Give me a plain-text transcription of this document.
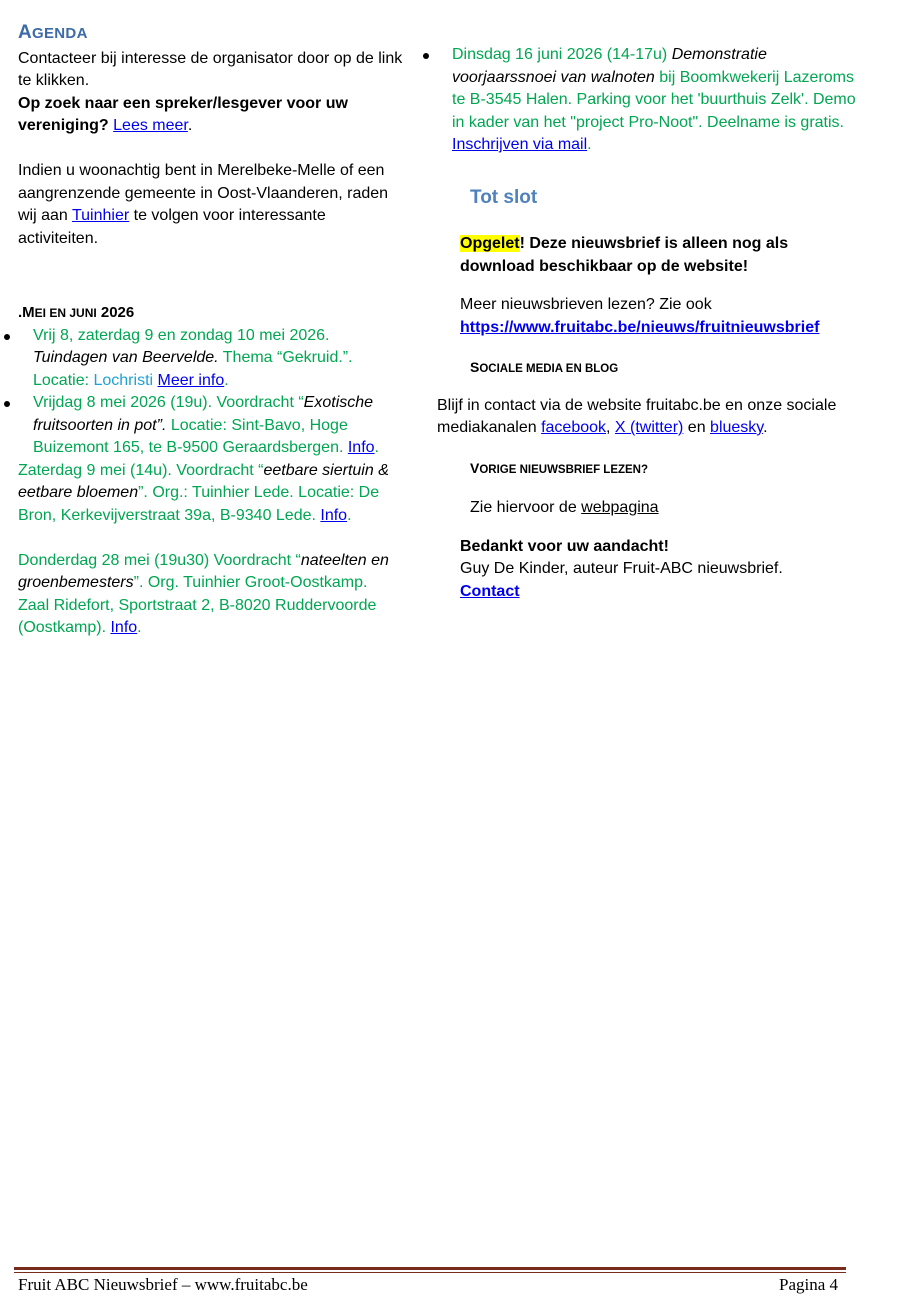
AGENDA

Contacteer bij interesse de organisator door op de link te klikken.

Op zoek naar een spreker/lesgever voor uw vereniging? Lees meer.

Indien u woonachtig bent in Merelbeke-Melle of een aangrenzende gemeente in Oost-Vlaanderen, raden wij aan Tuinhier te volgen voor interessante activiteiten.

.MEI EN JUNI 2026
Vrij 8, zaterdag 9 en zondag 10 mei 2026. Tuindagen van Beervelde. Thema “Gekruid.”. Locatie: Lochristi Meer info.
Vrijdag 8 mei 2026 (19u). Voordracht “Exotische fruitsoorten in pot”. Locatie: Sint-Bavo, Hoge Buizemont 165, te B-9500 Geraardsbergen. Info.

Zaterdag 9 mei (14u). Voordracht “eetbare siertuin & eetbare bloemen”. Org.: Tuinhier Lede. Locatie: De Bron, Kerkevijverstraat 39a, B-9340 Lede. Info.

Donderdag 28 mei (19u30) Voordracht “nateelten en groenbemesters”. Org. Tuinhier Groot-Oostkamp. Zaal Ridefort, Sportstraat 2, B-8020 Ruddervoorde (Oostkamp). Info.

Dinsdag 16 juni 2026 (14-17u) Demonstratie voorjaarssnoei van walnoten bij Boomkwekerij Lazeroms te B-3545 Halen. Parking voor het 'buurthuis Zelk'. Demo in kader van het "project Pro-Noot". Deelname is gratis. Inschrijven via mail.
Tot slot

Opgelet! Deze nieuwsbrief is alleen nog als download beschikbaar op de website!

Meer nieuwsbrieven lezen? Zie ook

https://www.fruitabc.be/nieuws/fruitnieuwsbrief

SOCIALE MEDIA EN BLOG

Blijf in contact via de website fruitabc.be en onze sociale mediakanalen facebook, X (twitter) en bluesky.

VORIGE NIEUWSBRIEF LEZEN?

Zie hiervoor de webpagina

Bedankt voor uw aandacht!

Guy De Kinder, auteur Fruit-ABC nieuwsbrief.

Contact

Fruit ABC Nieuwsbrief – www.fruitabc.be	Pagina 4
